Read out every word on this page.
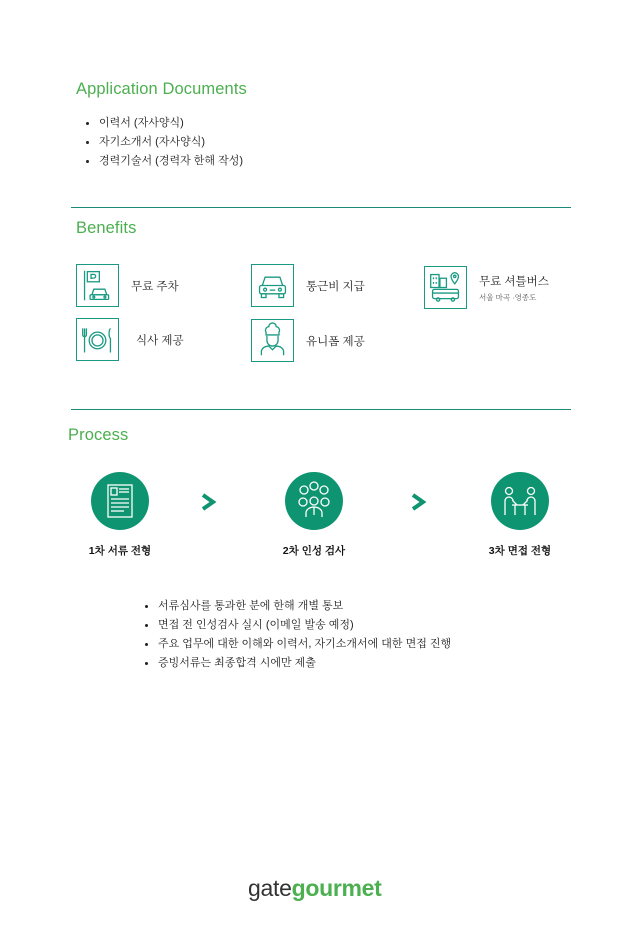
Application Documents
이력서 (자사양식)
자기소개서 (자사양식)
경력기술서 (경력자 한해 작성)
Benefits
무료 주차	통근비 지급	무료 셔틀버스
서울 마곡 ·영종도
식사 제공	유니폼 제공
Process
1차 서류 전형	2차 인성 검사	3차 면접 전형
서류심사를 통과한 분에 한해 개별 통보
면접 전 인성검사 실시 (이메일 발송 예정)
주요 업무에 대한 이해와 이력서, 자기소개서에 대한 면접 진행
증빙서류는 최종합격 시에만 제출
gategourmet
